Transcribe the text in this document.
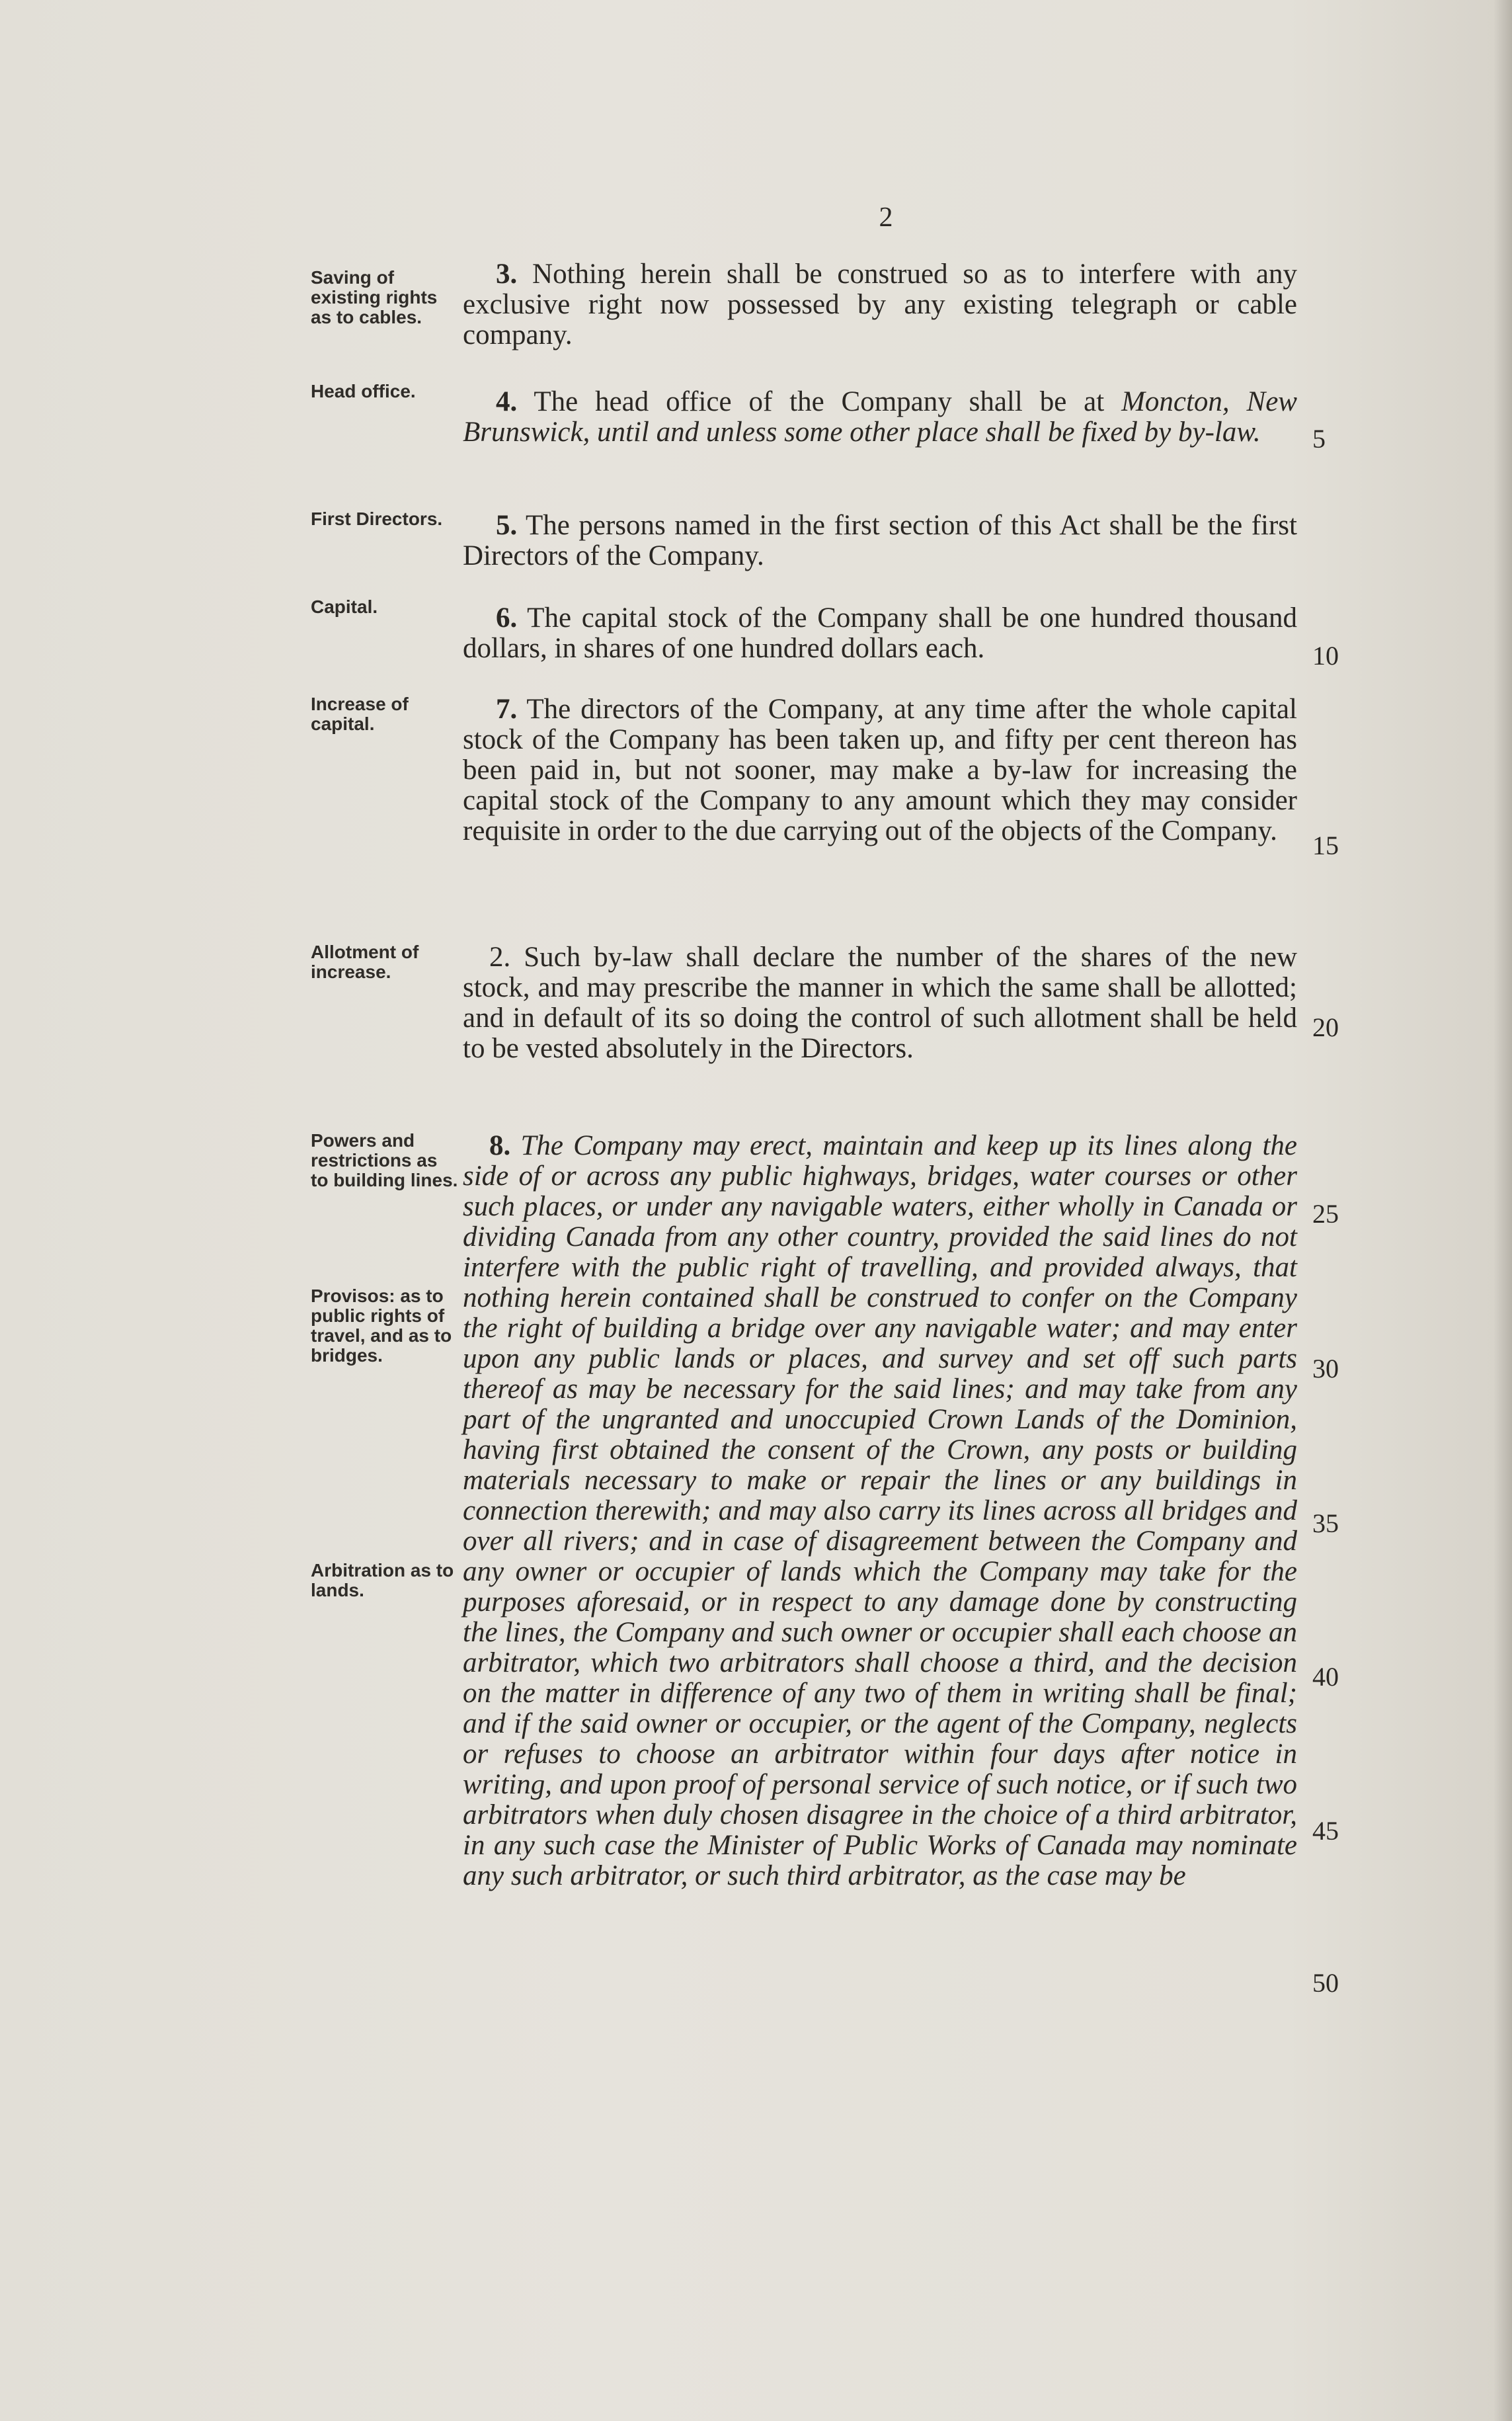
2
Saving of existing rights as to cables.
3. Nothing herein shall be construed so as to interfere with any exclusive right now possessed by any existing telegraph or cable company.
Head office.	4. The head office of the Company shall be at Moncton, New Brunswick, until and unless some other place shall be fixed by by-law.	5
First Directors.	5. The persons named in the first section of this Act shall be the first Directors of the Company.
Capital.	6. The capital stock of the Company shall be one hundred thousand dollars, in shares of one hundred dollars each.	10
Increase of capital.	7. The directors of the Company, at any time after the whole capital stock of the Company has been taken up, and fifty per cent thereon has been paid in, but not sooner, may make a by-law for increasing the capital stock of the Company to any amount which they may consider requisite in order to the due carrying out of the objects of the Company.	15
Allotment of increase.	2. Such by-law shall declare the number of the shares of the new stock, and may prescribe the manner in which the same shall be allotted; and in default of its so doing the control of such allotment shall be held to be vested absolutely in the Directors.
20
Powers and restrictions as to building lines.
Provisos: as to public rights of travel, and as to bridges.
Arbitration as to lands.
8. The Company may erect, maintain and keep up its lines along the side of or across any public highways, bridges, water courses or other such places, or under any navigable waters, either wholly in Canada or dividing Canada from any other country, provided the said lines do not interfere with the public right of travelling, and provided always, that nothing herein contained shall be construed to confer on the Company the right of building a bridge over any navigable water; and may enter upon any public lands or places, and survey and set off such parts thereof as may be necessary for the said lines; and may take from any part of the ungranted and unoccupied Crown Lands of the Dominion, having first obtained the consent of the Crown, any posts or building materials necessary to make or repair the lines or any buildings in connection therewith; and may also carry its lines across all bridges and over all rivers; and in case of disagreement between the Company and any owner or occupier of lands which the Company may take for the purposes aforesaid, or in respect to any damage done by constructing the lines, the Company and such owner or occupier shall each choose an arbitrator, which two arbitrators shall choose a third, and the decision on the matter in difference of any two of them in writing shall be final; and if the said owner or occupier, or the agent of the Company, neglects or refuses to choose an arbitrator within four days after notice in writing, and upon proof of personal service of such notice, or if such two arbitrators when duly chosen disagree in the choice of a third arbitrator, in any such case the Minister of Public Works of Canada may nominate any such arbitrator, or such third arbitrator, as the case may be
25
30
35
40
45
50
